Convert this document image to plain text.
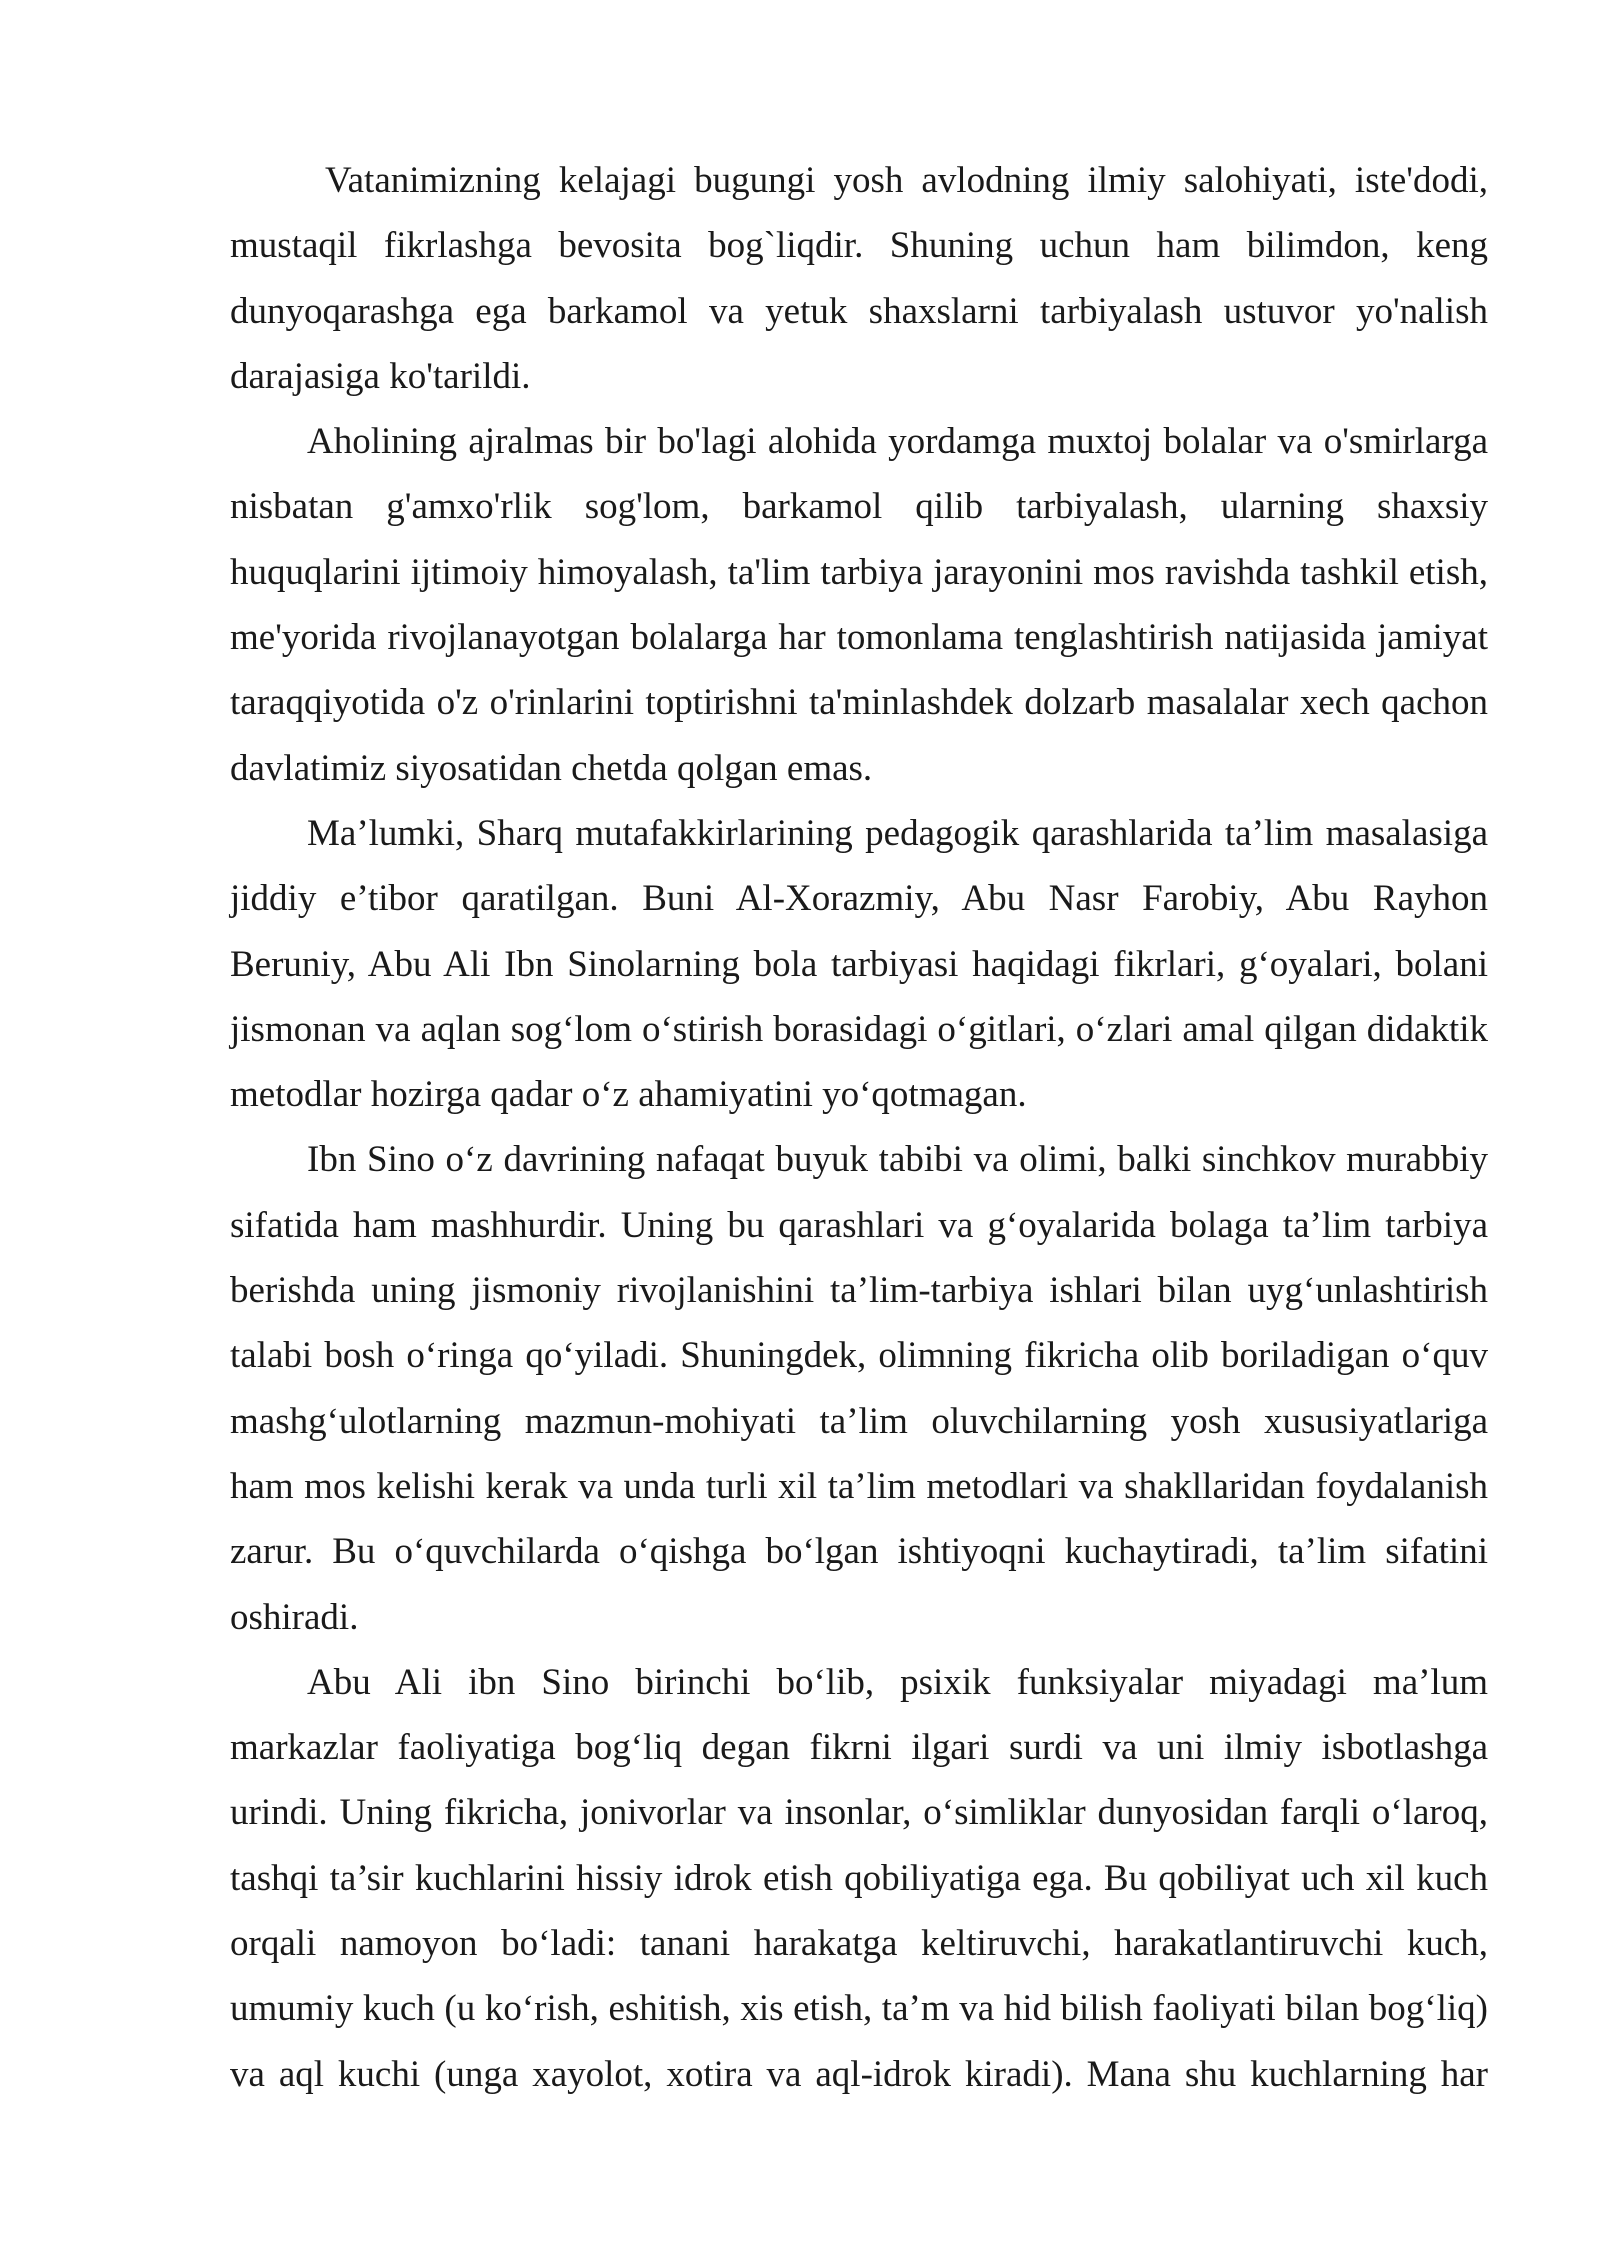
Vatanimizning kelajagi bugungi yosh avlodning ilmiy salohiyati, iste'dodi, mustaqil fikrlashga bevosita bog`liqdir. Shuning uchun ham bilimdon, keng dunyoqarashga ega barkamol va yetuk shaxslarni tarbiyalash ustuvor yo'nalish darajasiga ko'tarildi.

Aholining ajralmas bir bo'lagi alohida yordamga muxtoj bolalar va o'smirlarga nisbatan g'amxo'rlik sog'lom, barkamol qilib tarbiyalash, ularning shaxsiy huquqlarini ijtimoiy himoyalash, ta'lim tarbiya jarayonini mos ravishda tashkil etish, me'yorida rivojlanayotgan bolalarga har tomonlama tenglashtirish natijasida jamiyat taraqqiyotida o'z o'rinlarini toptirishni ta'minlashdek dolzarb masalalar xech qachon davlatimiz siyosatidan chetda qolgan emas.

Ma’lumki, Sharq mutafakkirlarining pedagogik qarashlarida ta’lim masalasiga jiddiy e’tibor qaratilgan. Buni Al-Xorazmiy, Abu Nasr Farobiy, Abu Rayhon Beruniy, Abu Ali Ibn Sinolarning bola tarbiyasi haqidagi fikrlari, g‘oyalari, bolani jismonan va aqlan sog‘lom o‘stirish borasidagi o‘gitlari, o‘zlari amal qilgan didaktik metodlar hozirga qadar o‘z ahamiyatini yo‘qotmagan.

Ibn Sino o‘z davrining nafaqat buyuk tabibi va olimi, balki sinchkov murabbiy sifatida ham mashhurdir. Uning bu qarashlari va g‘oyalarida bolaga ta’lim tarbiya berishda uning jismoniy rivojlanishini ta’lim-tarbiya ishlari bilan uyg‘unlashtirish talabi bosh o‘ringa qo‘yiladi. Shuningdek, olimning fikricha olib boriladigan o‘quv mashg‘ulotlarning mazmun-mohiyati ta’lim oluvchilarning yosh xususiyatlariga ham mos kelishi kerak va unda turli xil ta’lim metodlari va shakllaridan foydalanish zarur. Bu o‘quvchilarda o‘qishga bo‘lgan ishtiyoqni kuchaytiradi, ta’lim sifatini oshiradi.

Abu Ali ibn Sino birinchi bo‘lib, psixik funksiyalar miyadagi ma’lum markazlar faoliyatiga bog‘liq degan fikrni ilgari surdi va uni ilmiy isbotlashga urindi. Uning fikricha, jonivorlar va insonlar, o‘simliklar dunyosidan farqli o‘laroq, tashqi ta’sir kuchlarini hissiy idrok etish qobiliyatiga ega. Bu qobiliyat uch xil kuch orqali namoyon bo‘ladi: tanani harakatga keltiruvchi, harakatlantiruvchi kuch, umumiy kuch (u ko‘rish, eshitish, xis etish, ta’m va hid bilish faoliyati bilan bog‘liq) va aql kuchi (unga xayolot, xotira va aql-idrok kiradi). Mana shu kuchlarning har
